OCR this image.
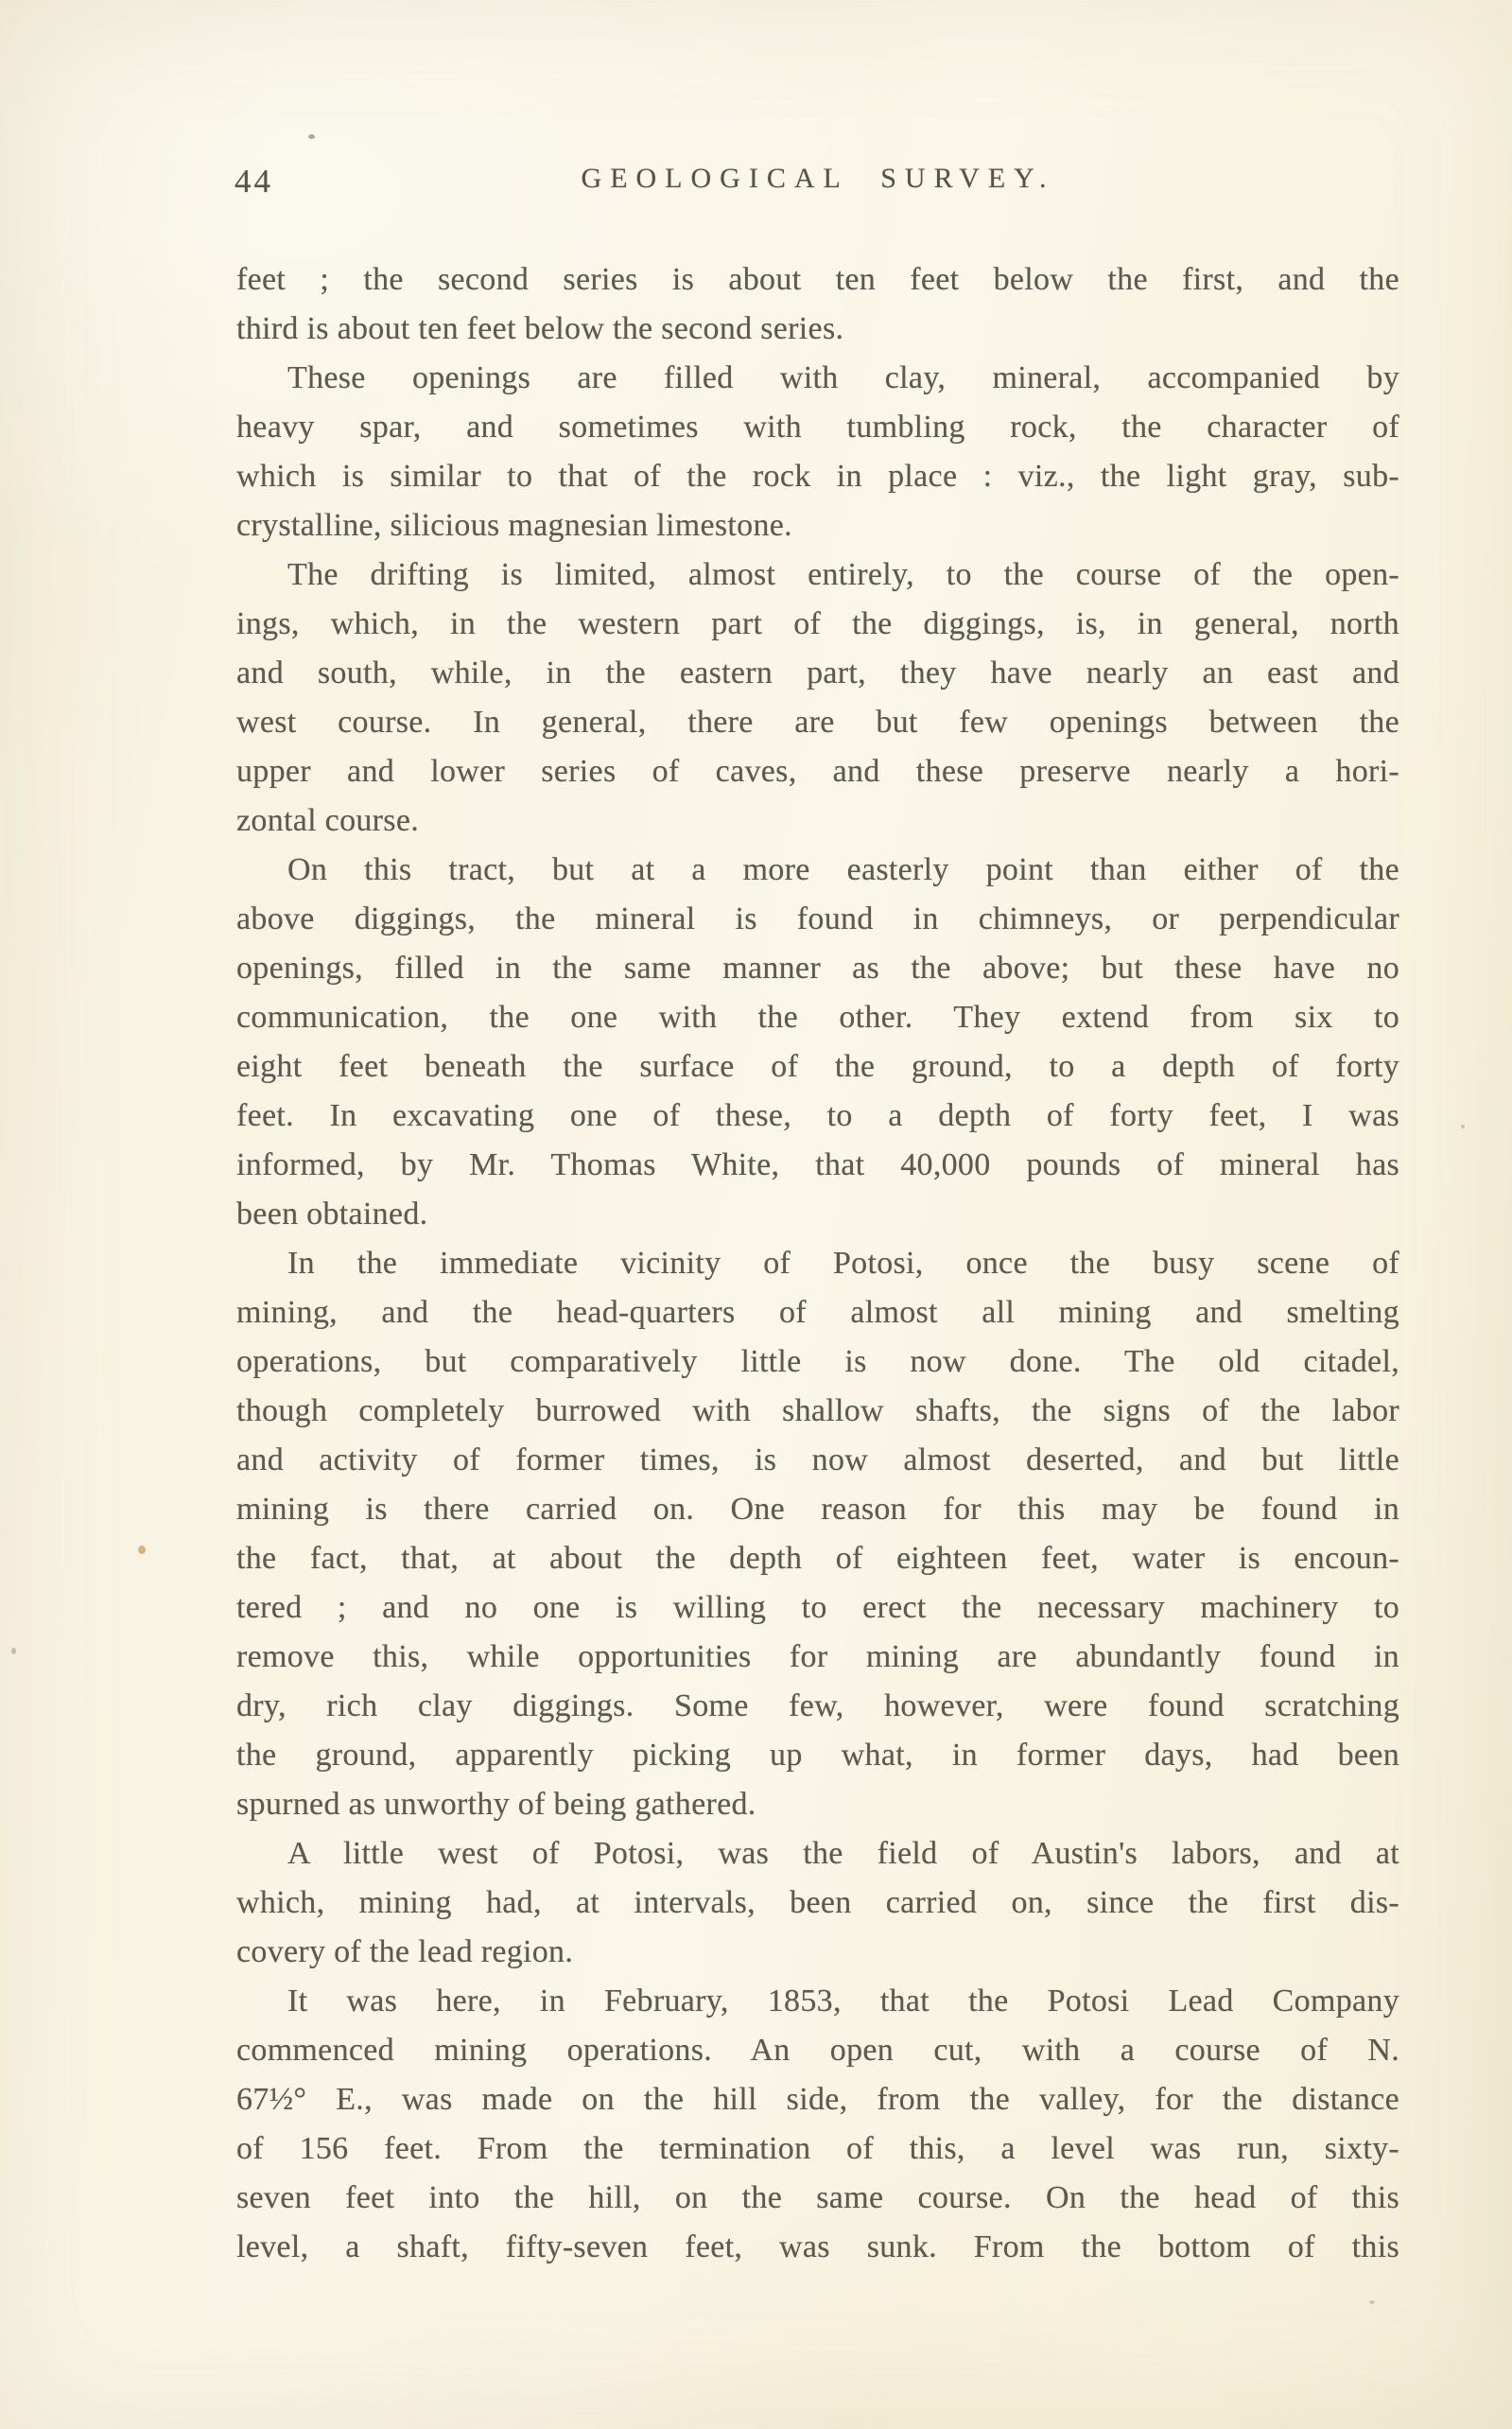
44	GEOLOGICAL SURVEY.
feet ; the second series is about ten feet below the first, and the
third is about ten feet below the second series.
These openings are filled with clay, mineral, accompanied by
heavy spar, and sometimes with tumbling rock, the character of
which is similar to that of the rock in place : viz., the light gray, sub-
crystalline, silicious magnesian limestone.
The drifting is limited, almost entirely, to the course of the open-
ings, which, in the western part of the diggings, is, in general, north
and south, while, in the eastern part, they have nearly an east and
west course. In general, there are but few openings between the
upper and lower series of caves, and these preserve nearly a hori-
zontal course.
On this tract, but at a more easterly point than either of the
above diggings, the mineral is found in chimneys, or perpendicular
openings, filled in the same manner as the above; but these have no
communication, the one with the other. They extend from six to
eight feet beneath the surface of the ground, to a depth of forty
feet. In excavating one of these, to a depth of forty feet, I was
informed, by Mr. Thomas White, that 40,000 pounds of mineral has
been obtained.
In the immediate vicinity of Potosi, once the busy scene of
mining, and the head-quarters of almost all mining and smelting
operations, but comparatively little is now done. The old citadel,
though completely burrowed with shallow shafts, the signs of the labor
and activity of former times, is now almost deserted, and but little
mining is there carried on. One reason for this may be found in
the fact, that, at about the depth of eighteen feet, water is encoun-
tered ; and no one is willing to erect the necessary machinery to
remove this, while opportunities for mining are abundantly found in
dry, rich clay diggings. Some few, however, were found scratching
the ground, apparently picking up what, in former days, had been
spurned as unworthy of being gathered.
A little west of Potosi, was the field of Austin's labors, and at
which, mining had, at intervals, been carried on, since the first dis-
covery of the lead region.
It was here, in February, 1853, that the Potosi Lead Company
commenced mining operations. An open cut, with a course of N.
67½° E., was made on the hill side, from the valley, for the distance
of 156 feet. From the termination of this, a level was run, sixty-
seven feet into the hill, on the same course. On the head of this
level, a shaft, fifty-seven feet, was sunk. From the bottom of this
